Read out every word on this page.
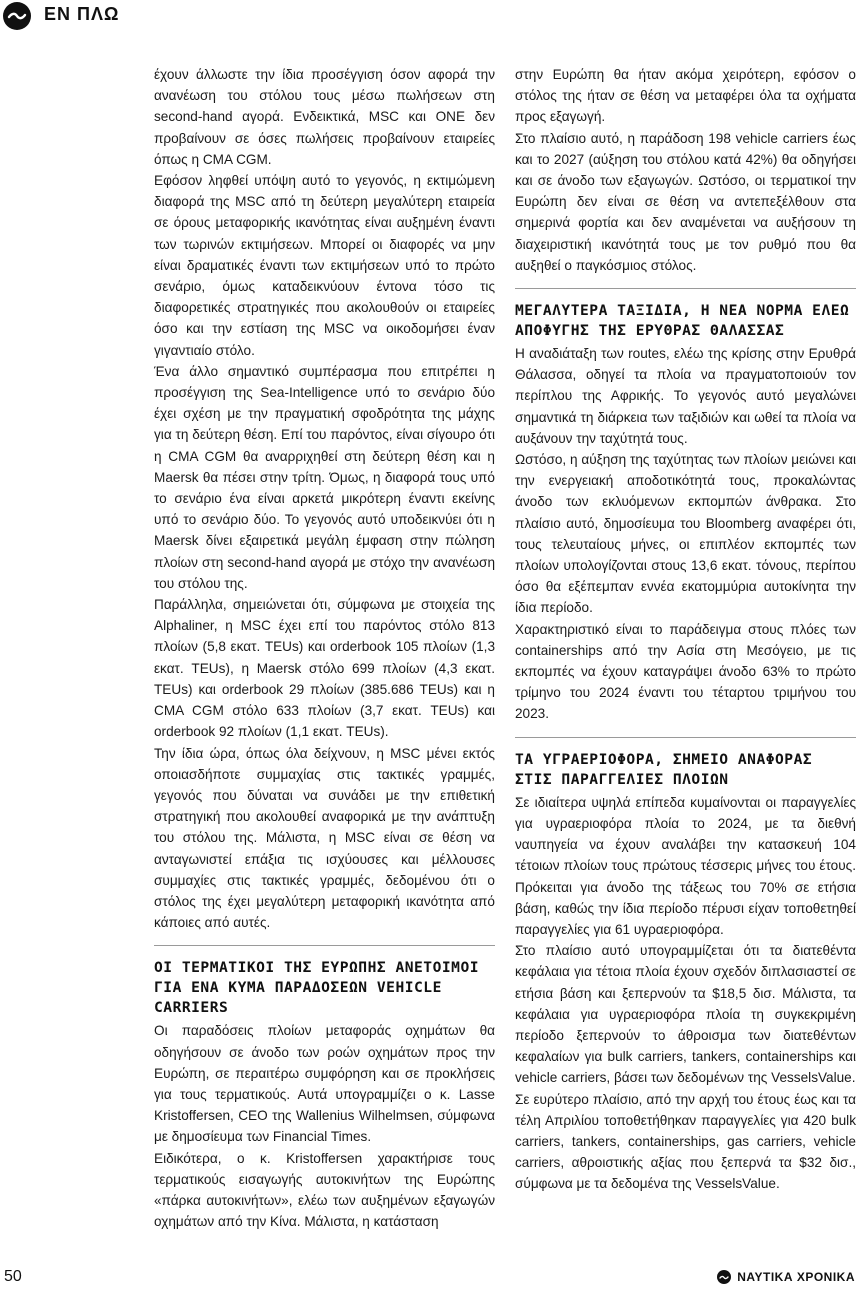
ΕΝ ΠΛΩ

έχουν άλλωστε την ίδια προσέγγιση όσον αφορά την ανανέωση του στόλου τους μέσω πωλήσεων στη second-hand αγορά. Ενδεικτικά, MSC και ONE δεν προβαίνουν σε όσες πωλήσεις προβαίνουν εταιρείες όπως η CMA CGM.

Εφόσον ληφθεί υπόψη αυτό το γεγονός, η εκτιμώμενη διαφορά της MSC από τη δεύτερη μεγαλύτερη εταιρεία σε όρους μεταφορικής ικανότητας είναι αυξημένη έναντι των τωρινών εκτιμήσεων. Μπορεί οι διαφορές να μην είναι δραματικές έναντι των εκτιμήσεων υπό το πρώτο σενάριο, όμως καταδεικνύουν έντονα τόσο τις διαφορετικές στρατηγικές που ακολουθούν οι εταιρείες όσο και την εστίαση της MSC να οικοδομήσει έναν γιγαντιαίο στόλο.

Ένα άλλο σημαντικό συμπέρασμα που επιτρέπει η προσέγγιση της Sea-Intelligence υπό το σενάριο δύο έχει σχέση με την πραγματική σφοδρότητα της μάχης για τη δεύτερη θέση. Επί του παρόντος, είναι σίγουρο ότι η CMA CGM θα αναρριχηθεί στη δεύτερη θέση και η Maersk θα πέσει στην τρίτη. Όμως, η διαφορά τους υπό το σενάριο ένα είναι αρκετά μικρότερη έναντι εκείνης υπό το σενάριο δύο. Το γεγονός αυτό υποδεικνύει ότι η Maersk δίνει εξαιρετικά μεγάλη έμφαση στην πώληση πλοίων στη second-hand αγορά με στόχο την ανανέωση του στόλου της.

Παράλληλα, σημειώνεται ότι, σύμφωνα με στοιχεία της Alphaliner, η MSC έχει επί του παρόντος στόλο 813 πλοίων (5,8 εκατ. TEUs) και orderbook 105 πλοίων (1,3 εκατ. TEUs), η Maersk στόλο 699 πλοίων (4,3 εκατ. TEUs) και orderbook 29 πλοίων (385.686 TEUs) και η CMA CGM στόλο 633 πλοίων (3,7 εκατ. TEUs) και orderbook 92 πλοίων (1,1 εκατ. TEUs).

Την ίδια ώρα, όπως όλα δείχνουν, η MSC μένει εκτός οποιασδήποτε συμμαχίας στις τακτικές γραμμές, γεγονός που δύναται να συνάδει με την επιθετική στρατηγική που ακολουθεί αναφορικά με την ανάπτυξη του στόλου της. Μάλιστα, η MSC είναι σε θέση να ανταγωνιστεί επάξια τις ισχύουσες και μέλλουσες συμμαχίες στις τακτικές γραμμές, δεδομένου ότι ο στόλος της έχει μεγαλύτερη μεταφορική ικανότητα από κάποιες από αυτές.

ΟΙ ΤΕΡΜΑΤΙΚΟΙ ΤΗΣ ΕΥΡΩΠΗΣ ΑΝΕΤΟΙΜΟΙ ΓΙΑ ΕΝΑ ΚΥΜΑ ΠΑΡΑΔΟΣΕΩΝ VEHICLE CARRIERS

Οι παραδόσεις πλοίων μεταφοράς οχημάτων θα οδηγήσουν σε άνοδο των ροών οχημάτων προς την Ευρώπη, σε περαιτέρω συμφόρηση και σε προκλήσεις για τους τερματικούς. Αυτά υπογραμμίζει ο κ. Lasse Kristoffersen, CEO της Wallenius Wilhelmsen, σύμφωνα με δημοσίευμα των Financial Times.

Ειδικότερα, ο κ. Kristoffersen χαρακτήρισε τους τερματικούς εισαγωγής αυτοκινήτων της Ευρώπης «πάρκα αυτοκινήτων», ελέω των αυξημένων εξαγωγών οχημάτων από την Κίνα. Μάλιστα, η κατάσταση

στην Ευρώπη θα ήταν ακόμα χειρότερη, εφόσον ο στόλος της ήταν σε θέση να μεταφέρει όλα τα οχήματα προς εξαγωγή.

Στο πλαίσιο αυτό, η παράδοση 198 vehicle carriers έως και το 2027 (αύξηση του στόλου κατά 42%) θα οδηγήσει και σε άνοδο των εξαγωγών. Ωστόσο, οι τερματικοί την Ευρώπη δεν είναι σε θέση να αντεπεξέλθουν στα σημερινά φορτία και δεν αναμένεται να αυξήσουν τη διαχειριστική ικανότητά τους με τον ρυθμό που θα αυξηθεί ο παγκόσμιος στόλος.

ΜΕΓΑΛΥΤΕΡΑ ΤΑΞΙΔΙΑ, Η ΝΕΑ ΝΟΡΜΑ ΕΛΕΩ ΑΠΟΦΥΓΗΣ ΤΗΣ ΕΡΥΘΡΑΣ ΘΑΛΑΣΣΑΣ

Η αναδιάταξη των routes, ελέω της κρίσης στην Ερυθρά Θάλασσα, οδηγεί τα πλοία να πραγματοποιούν τον περίπλου της Αφρικής. Το γεγονός αυτό μεγαλώνει σημαντικά τη διάρκεια των ταξιδιών και ωθεί τα πλοία να αυξάνουν την ταχύτητά τους.

Ωστόσο, η αύξηση της ταχύτητας των πλοίων μειώνει και την ενεργειακή αποδοτικότητά τους, προκαλώντας άνοδο των εκλυόμενων εκπομπών άνθρακα. Στο πλαίσιο αυτό, δημοσίευμα του Bloomberg αναφέρει ότι, τους τελευταίους μήνες, οι επιπλέον εκπομπές των πλοίων υπολογίζονται στους 13,6 εκατ. τόνους, περίπου όσο θα εξέπεμπαν εννέα εκατομμύρια αυτοκίνητα την ίδια περίοδο.

Χαρακτηριστικό είναι το παράδειγμα στους πλόες των containerships από την Ασία στη Μεσόγειο, με τις εκπομπές να έχουν καταγράψει άνοδο 63% το πρώτο τρίμηνο του 2024 έναντι του τέταρτου τριμήνου του 2023.

ΤΑ ΥΓΡΑΕΡΙΟΦΟΡΑ, ΣΗΜΕΙΟ ΑΝΑΦΟΡΑΣ ΣΤΙΣ ΠΑΡΑΓΓΕΛΙΕΣ ΠΛΟΙΩΝ

Σε ιδιαίτερα υψηλά επίπεδα κυμαίνονται οι παραγγελίες για υγραεριοφόρα πλοία το 2024, με τα διεθνή ναυπηγεία να έχουν αναλάβει την κατασκευή 104 τέτοιων πλοίων τους πρώτους τέσσερις μήνες του έτους. Πρόκειται για άνοδο της τάξεως του 70% σε ετήσια βάση, καθώς την ίδια περίοδο πέρυσι είχαν τοποθετηθεί παραγγελίες για 61 υγραεριοφόρα.

Στο πλαίσιο αυτό υπογραμμίζεται ότι τα διατεθέντα κεφάλαια για τέτοια πλοία έχουν σχεδόν διπλασιαστεί σε ετήσια βάση και ξεπερνούν τα $18,5 δισ. Μάλιστα, τα κεφάλαια για υγραεριοφόρα πλοία τη συγκεκριμένη περίοδο ξεπερνούν το άθροισμα των διατεθέντων κεφαλαίων για bulk carriers, tankers, containerships και vehicle carriers, βάσει των δεδομένων της VesselsValue.

Σε ευρύτερο πλαίσιο, από την αρχή του έτους έως και τα τέλη Απριλίου τοποθετήθηκαν παραγγελίες για 420 bulk carriers, tankers, containerships, gas carriers, vehicle carriers, αθροιστικής αξίας που ξεπερνά τα $32 δισ., σύμφωνα με τα δεδομένα της VesselsValue.

50	ΝΑΥΤΙΚΑ ΧΡΟΝΙΚΑ
